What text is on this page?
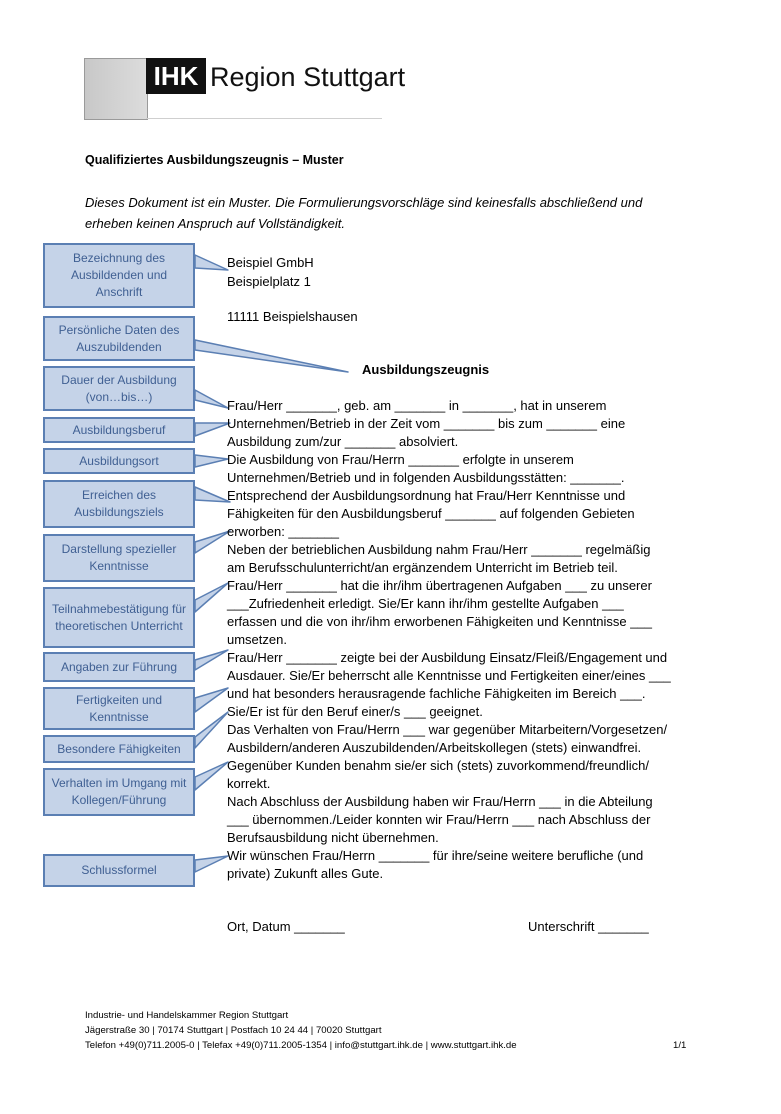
IHK Region Stuttgart
Qualifiziertes Ausbildungszeugnis – Muster
Dieses Dokument ist ein Muster. Die Formulierungsvorschläge sind keinesfalls abschließend und erheben keinen Anspruch auf Vollständigkeit.
Bezeichnung des Ausbildenden und Anschrift
Persönliche Daten des Auszubildenden
Dauer der Ausbildung (von…bis…)
Ausbildungsberuf
Ausbildungsort
Erreichen des Ausbildungsziels
Darstellung spezieller Kenntnisse
Teilnahmebestätigung für theoretischen Unterricht
Angaben zur Führung
Fertigkeiten und Kenntnisse
Besondere Fähigkeiten
Verhalten im Umgang mit Kollegen/Führung
Schlussformel
Beispiel GmbH
Beispielplatz 1
11111 Beispielshausen
Ausbildungszeugnis
Frau/Herr _______, geb. am _______ in _______, hat in unserem
Unternehmen/Betrieb in der Zeit vom _______ bis zum _______ eine
Ausbildung zum/zur _______ absolviert.
Die Ausbildung von Frau/Herrn _______ erfolgte in unserem
Unternehmen/Betrieb und in folgenden Ausbildungsstätten: _______.
Entsprechend der Ausbildungsordnung hat Frau/Herr Kenntnisse und
Fähigkeiten für den Ausbildungsberuf _______ auf folgenden Gebieten
erworben: _______
Neben der betrieblichen Ausbildung nahm Frau/Herr _______ regelmäßig
am Berufsschulunterricht/an ergänzendem Unterricht im Betrieb teil.
Frau/Herr _______ hat die ihr/ihm übertragenen Aufgaben ___ zu unserer
___Zufriedenheit erledigt. Sie/Er kann ihr/ihm gestellte Aufgaben ___
erfassen und die von ihr/ihm erworbenen Fähigkeiten und Kenntnisse ___
umsetzen.
Frau/Herr _______ zeigte bei der Ausbildung Einsatz/Fleiß/Engagement und
Ausdauer. Sie/Er beherrscht alle Kenntnisse und Fertigkeiten einer/eines ___
und hat besonders herausragende fachliche Fähigkeiten im Bereich ___.
Sie/Er ist für den Beruf einer/s ___ geeignet.
Das Verhalten von Frau/Herrn ___ war gegenüber Mitarbeitern/Vorgesetzen/
Ausbildern/anderen Auszubildenden/Arbeitskollegen (stets) einwandfrei.
Gegenüber Kunden benahm sie/er sich (stets) zuvorkommend/freundlich/
korrekt.
Nach Abschluss der Ausbildung haben wir Frau/Herrn ___ in die Abteilung
___ übernommen./Leider konnten wir Frau/Herrn ___ nach Abschluss der
Berufsausbildung nicht übernehmen.
Wir wünschen Frau/Herrn _______ für ihre/seine weitere berufliche (und
private) Zukunft alles Gute.
Ort, Datum _______	Unterschrift _______
Industrie- und Handelskammer Region Stuttgart
Jägerstraße 30 | 70174 Stuttgart | Postfach 10 24 44 | 70020 Stuttgart
Telefon +49(0)711.2005-0 | Telefax +49(0)711.2005-1354 | info@stuttgart.ihk.de | www.stuttgart.ihk.de	1/1
